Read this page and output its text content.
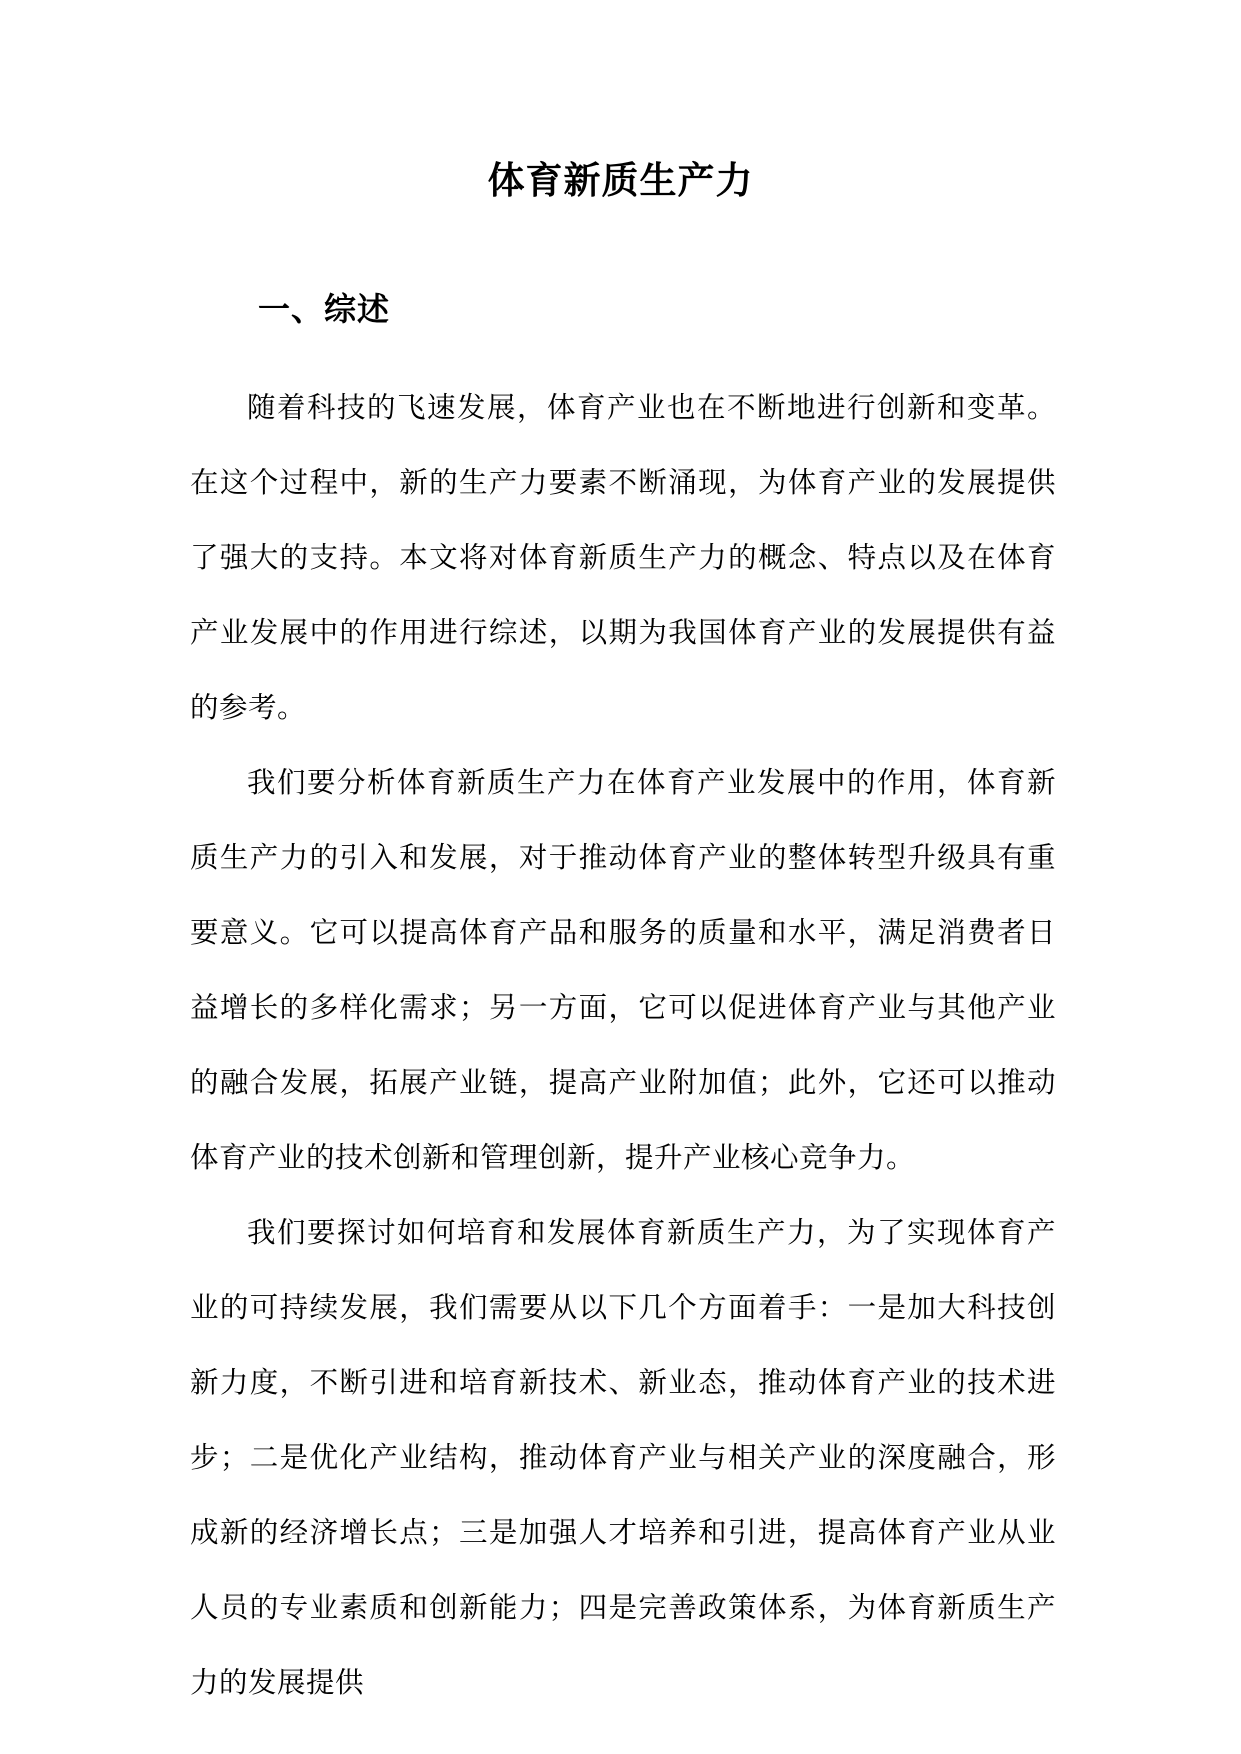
体育新质生产力
一、综述

随着科技的飞速发展，体育产业也在不断地进行创新和变革。在这个过程中，新的生产力要素不断涌现，为体育产业的发展提供了强大的支持。本文将对体育新质生产力的概念、特点以及在体育产业发展中的作用进行综述，以期为我国体育产业的发展提供有益的参考。

我们要分析体育新质生产力在体育产业发展中的作用，体育新质生产力的引入和发展，对于推动体育产业的整体转型升级具有重要意义。它可以提高体育产品和服务的质量和水平，满足消费者日益增长的多样化需求；另一方面，它可以促进体育产业与其他产业的融合发展，拓展产业链，提高产业附加值；此外，它还可以推动体育产业的技术创新和管理创新，提升产业核心竞争力。

我们要探讨如何培育和发展体育新质生产力，为了实现体育产业的可持续发展，我们需要从以下几个方面着手：一是加大科技创新力度，不断引进和培育新技术、新业态，推动体育产业的技术进步；二是优化产业结构，推动体育产业与相关产业的深度融合，形成新的经济增长点；三是加强人才培养和引进，提高体育产业从业人员的专业素质和创新能力；四是完善政策体系，为体育新质生产力的发展提供
